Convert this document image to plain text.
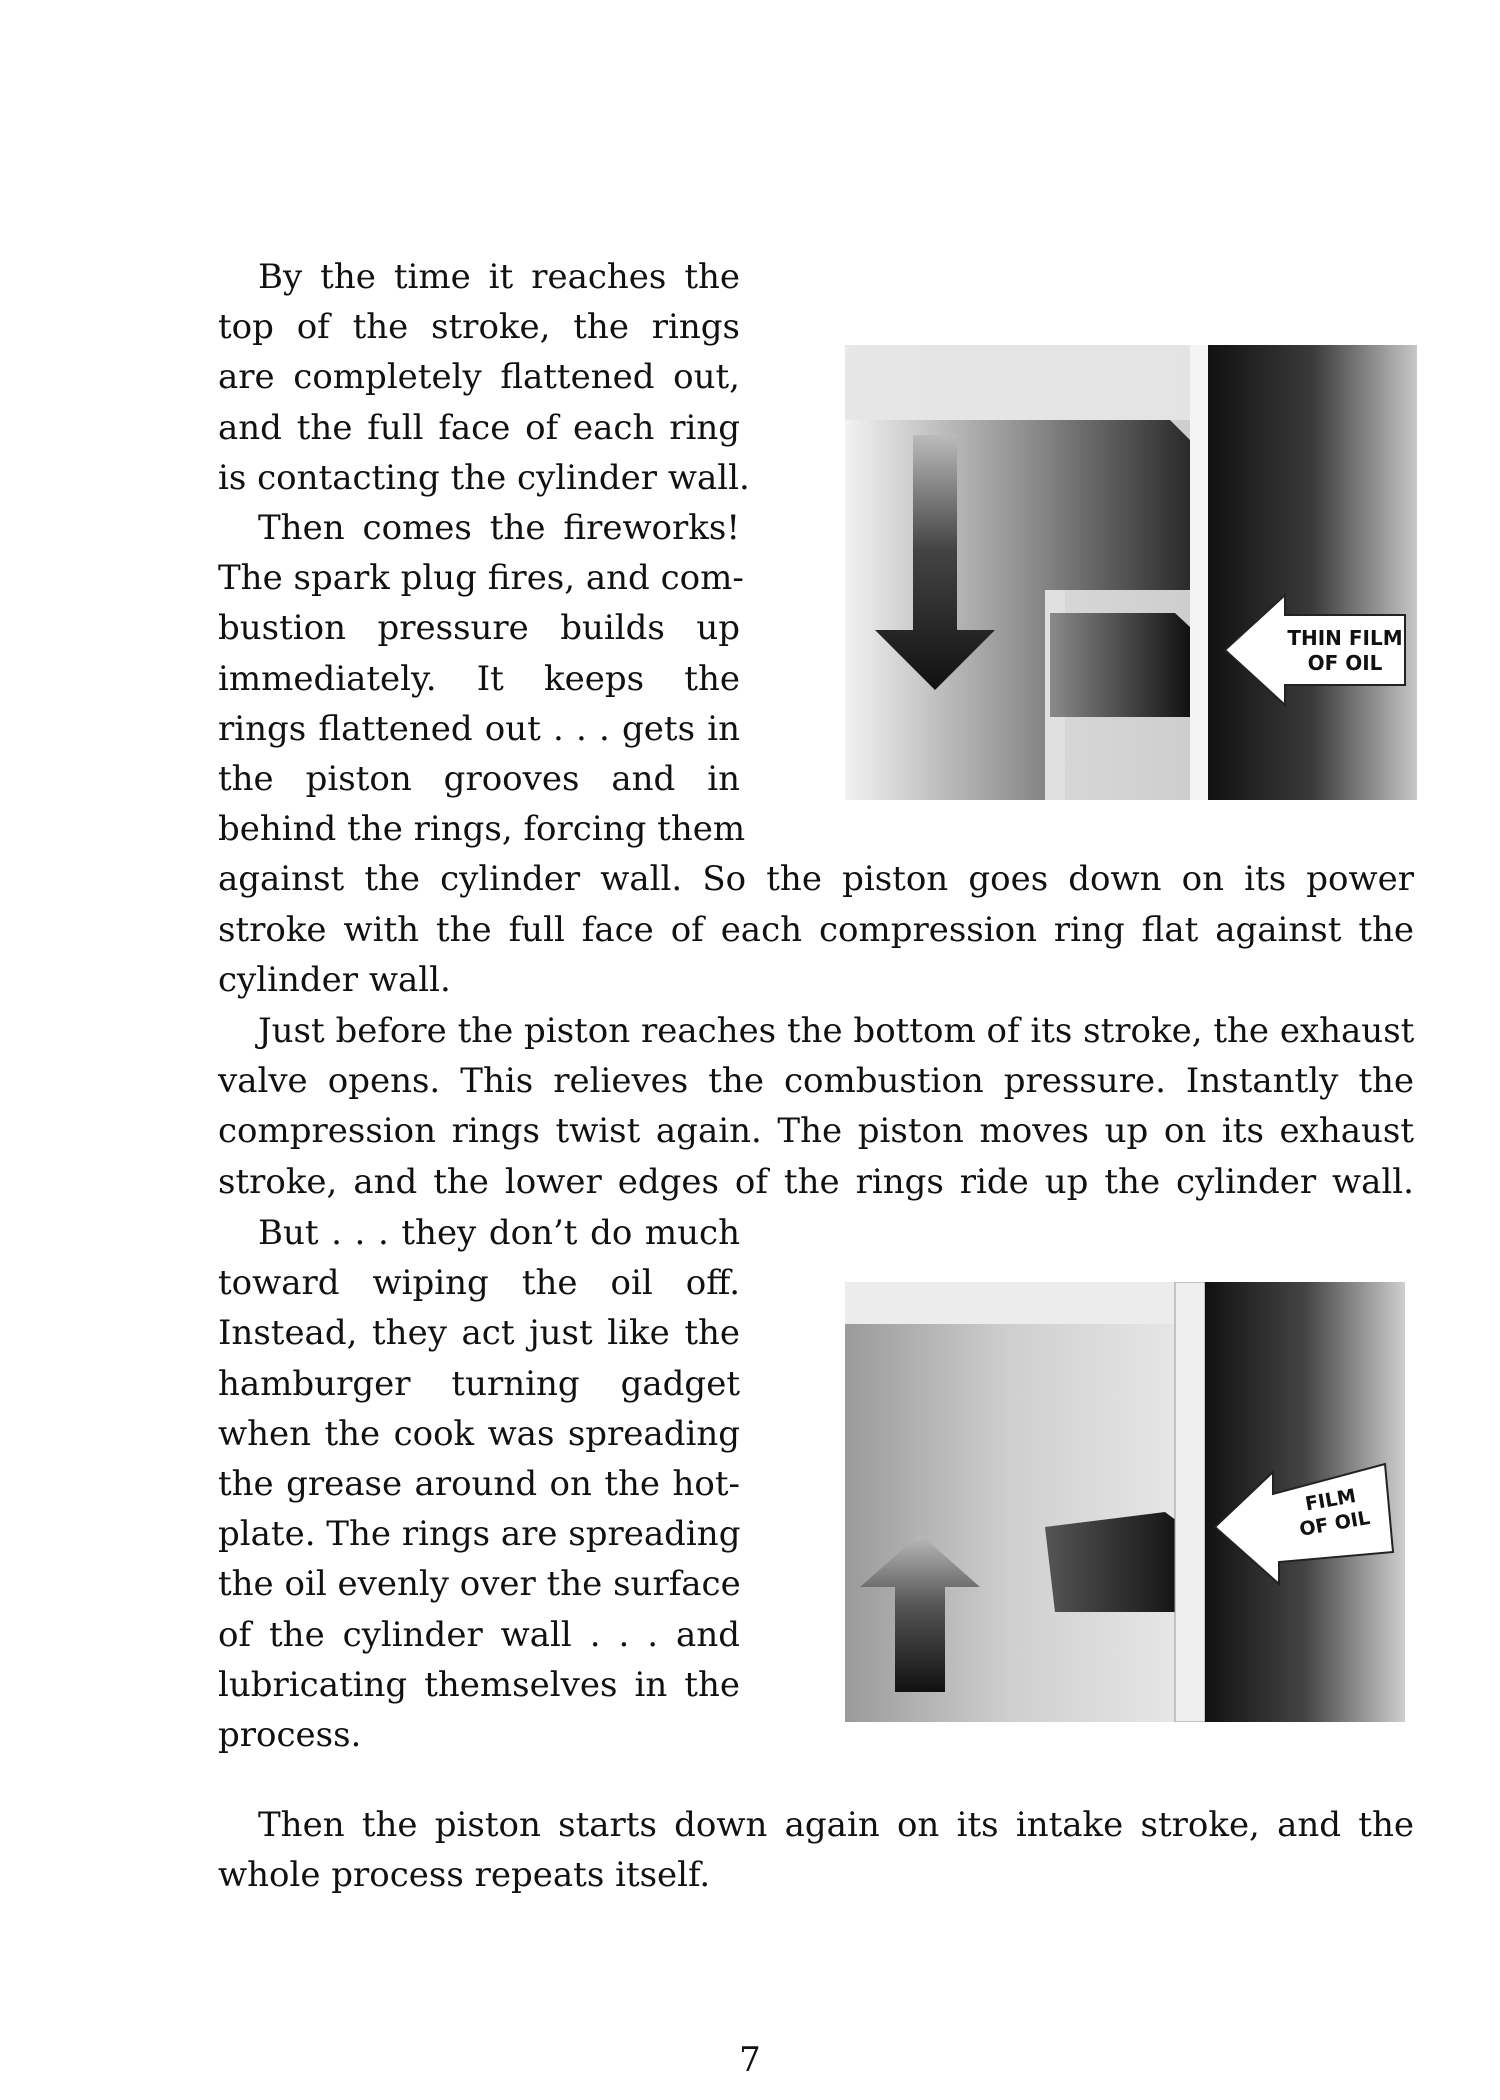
By the time it reaches the
top of the stroke, the rings
are completely flattened out,
and the full face of each ring
is contacting the cylinder wall.
Then comes the fireworks!
The spark plug fires, and com-
bustion pressure builds up
immediately. It keeps the
rings flattened out . . . gets in
the piston grooves and in
behind the rings, forcing them
against the cylinder wall. So the piston goes down on its power
stroke with the full face of each compression ring flat against the
cylinder wall.
Just before the piston reaches the bottom of its stroke, the exhaust
valve opens. This relieves the combustion pressure. Instantly the
compression rings twist again. The piston moves up on its exhaust
stroke, and the lower edges of the rings ride up the cylinder wall.
But . . . they don’t do much
toward wiping the oil off.
Instead, they act just like the
hamburger turning gadget
when the cook was spreading
the grease around on the hot-
plate. The rings are spreading
the oil evenly over the surface
of the cylinder wall . . . and
lubricating themselves in the
process.
Then the piston starts down again on its intake stroke, and the
whole process repeats itself.
THIN FILM
OF OIL
FILM
OF OIL
7
